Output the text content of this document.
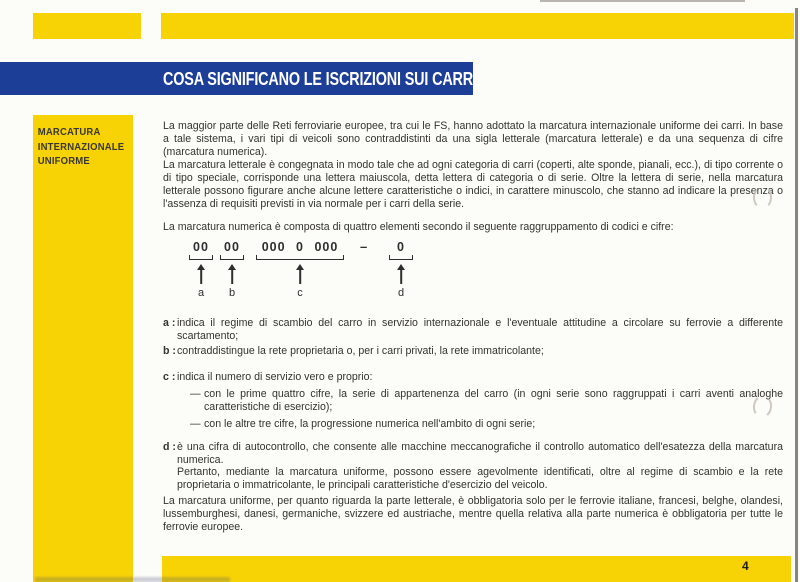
COSA SIGNIFICANO LE ISCRIZIONI SUI CARRI.
MARCATURA
INTERNAZIONALE
UNIFORME
La maggior parte delle Reti ferroviarie europee, tra cui le FS, hanno adottato la marcatura internazionale uniforme dei carri. In base a tale sistema, i vari tipi di veicoli sono contraddistinti da una sigla letterale (marcatura letterale) e da una sequenza di cifre (marcatura numerica).
La marcatura letterale è congegnata in modo tale che ad ogni categoria di carri (coperti, alte sponde, pianali, ecc.), di tipo corrente o di tipo speciale, corrisponde una lettera maiuscola, detta lettera di categoria o di serie. Oltre la lettera di serie, nella marcatura letterale possono figurare anche alcune lettere caratteristiche o indici, in carattere minuscolo, che stanno ad indicare la presenza o l'assenza di requisiti previsti in via normale per i carri della serie.
La marcatura numerica è composta di quattro elementi secondo il seguente raggruppamento di codici e cifre:
00
a
00
b
000 0 000
c
– 0
d
a : indica il regime di scambio del carro in servizio internazionale e l'eventuale attitudine a circolare su ferrovie a differente scartamento;
b : contraddistingue la rete proprietaria o, per i carri privati, la rete immatricolante;
c : indica il numero di servizio vero e proprio:
— con le prime quattro cifre, la serie di appartenenza del carro (in ogni serie sono raggruppati i carri aventi analoghe caratteristiche di esercizio);
— con le altre tre cifre, la progressione numerica nell'ambito di ogni serie;
d : è una cifra di autocontrollo, che consente alle macchine meccanografiche il controllo automatico dell'esatezza della marcatura numerica.
Pertanto, mediante la marcatura uniforme, possono essere agevolmente identificati, oltre al regime di scambio e la rete proprietaria o immatricolante, le principali caratteristiche d'esercizio del veicolo.
La marcatura uniforme, per quanto riguarda la parte letterale, è obbligatoria solo per le ferrovie italiane, francesi, belghe, olandesi, lussemburghesi, danesi, germaniche, svizzere ed austriache, mentre quella relativa alla parte numerica è obbligatoria per tutte le ferrovie europee.
4
